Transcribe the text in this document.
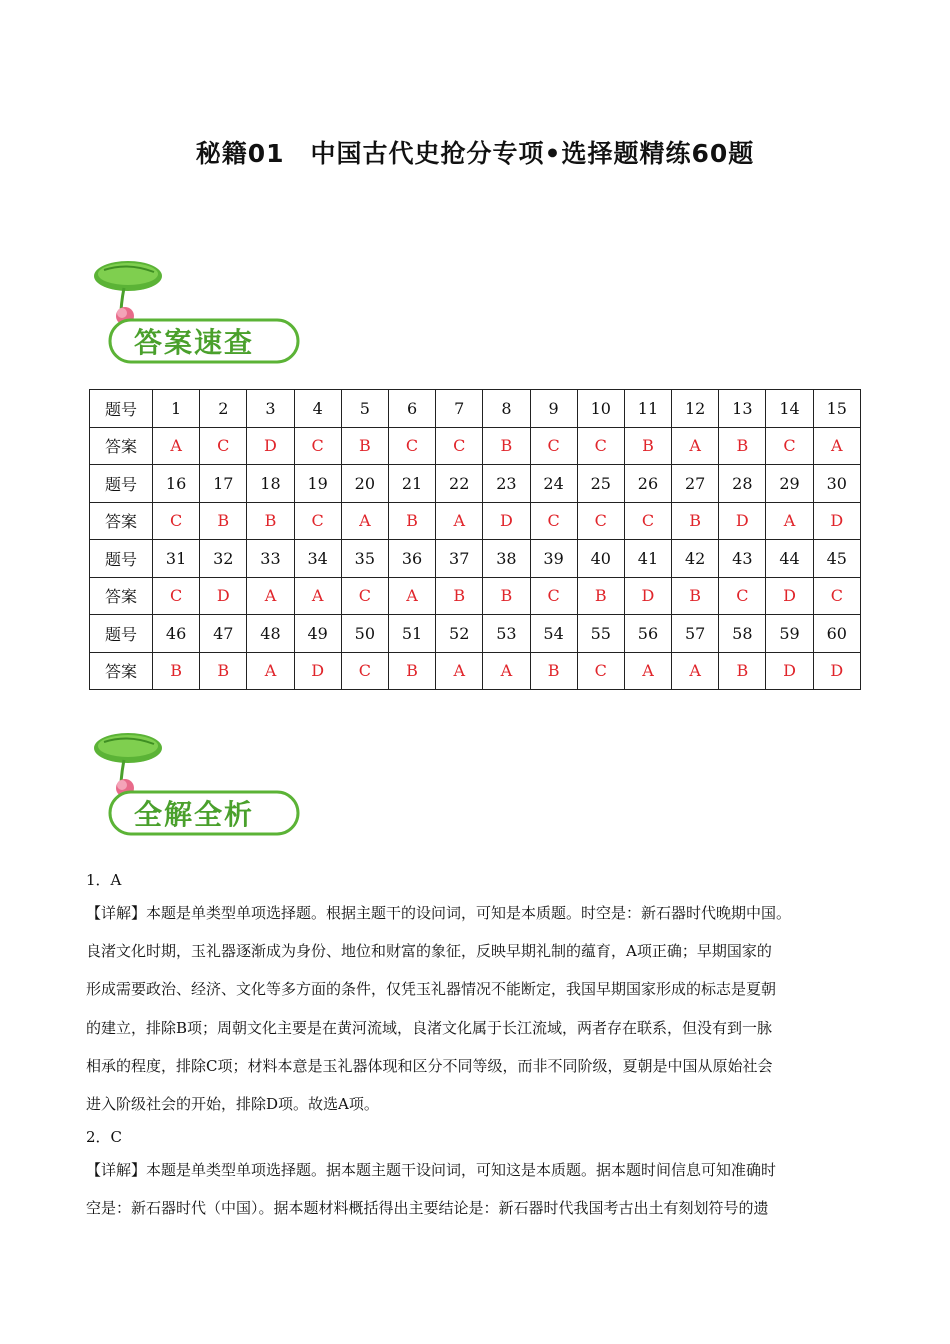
秘籍01　中国古代史抢分专项•选择题精练60题
答案速查
题号	1	2	3	4	5	6	7	8	9	10	11	12	13	14	15
答案	A	C	D	C	B	C	C	B	C	C	B	A	B	C	A
题号	16	17	18	19	20	21	22	23	24	25	26	27	28	29	30
答案	C	B	B	C	A	B	A	D	C	C	C	B	D	A	D
题号	31	32	33	34	35	36	37	38	39	40	41	42	43	44	45
答案	C	D	A	A	C	A	B	B	C	B	D	B	C	D	C
题号	46	47	48	49	50	51	52	53	54	55	56	57	58	59	60
答案	B	B	A	D	C	B	A	A	B	C	A	A	B	D	D
全解全析
1．A
【详解】本题是单类型单项选择题。根据主题干的设问词，可知是本质题。时空是：新石器时代晚期中国。
良渚文化时期，玉礼器逐渐成为身份、地位和财富的象征，反映早期礼制的蕴育，A项正确；早期国家的
形成需要政治、经济、文化等多方面的条件，仅凭玉礼器情况不能断定，我国早期国家形成的标志是夏朝
的建立，排除B项；周朝文化主要是在黄河流域，良渚文化属于长江流域，两者存在联系，但没有到一脉
相承的程度，排除C项；材料本意是玉礼器体现和区分不同等级，而非不同阶级，夏朝是中国从原始社会
进入阶级社会的开始，排除D项。故选A项。
2．C
【详解】本题是单类型单项选择题。据本题主题干设问词，可知这是本质题。据本题时间信息可知准确时
空是：新石器时代（中国）。据本题材料概括得出主要结论是：新石器时代我国考古出土有刻划符号的遗
